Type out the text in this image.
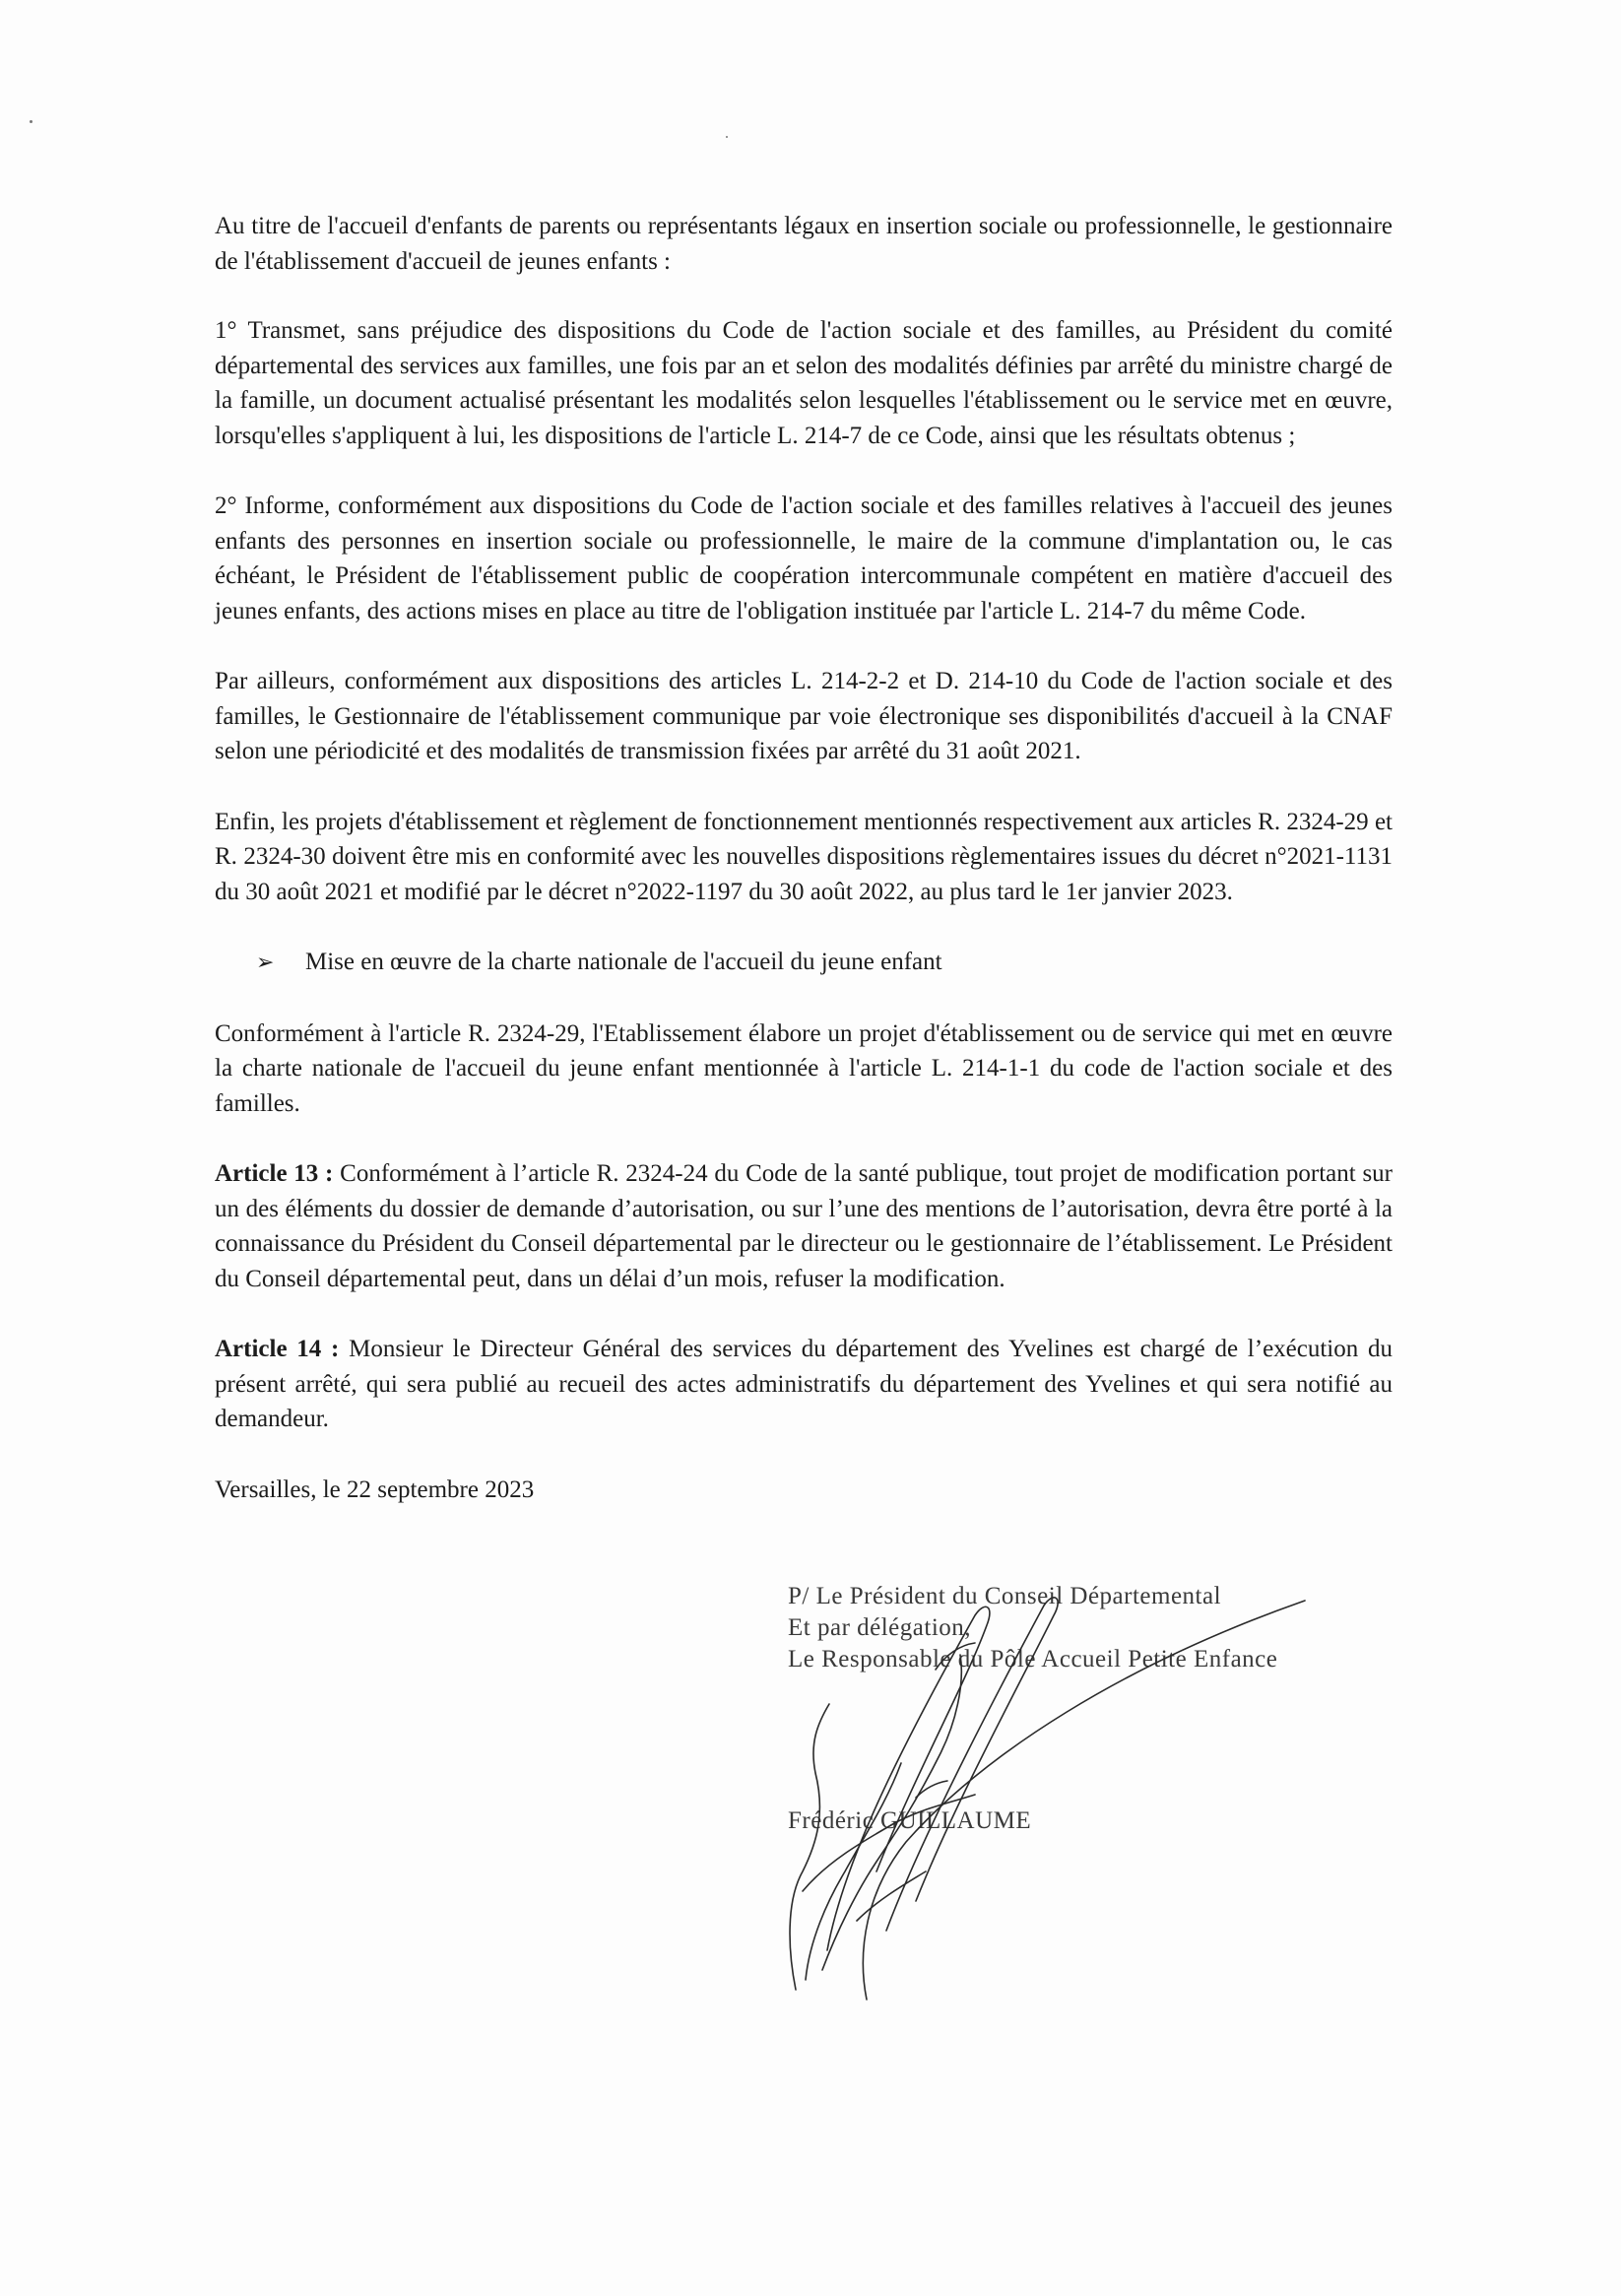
Au titre de l'accueil d'enfants de parents ou représentants légaux en insertion sociale ou professionnelle, le gestionnaire de l'établissement d'accueil de jeunes enfants :

1° Transmet, sans préjudice des dispositions du Code de l'action sociale et des familles, au Président du comité départemental des services aux familles, une fois par an et selon des modalités définies par arrêté du ministre chargé de la famille, un document actualisé présentant les modalités selon lesquelles l'établissement ou le service met en œuvre, lorsqu'elles s'appliquent à lui, les dispositions de l'article L. 214-7 de ce Code, ainsi que les résultats obtenus ;

2° Informe, conformément aux dispositions du Code de l'action sociale et des familles relatives à l'accueil des jeunes enfants des personnes en insertion sociale ou professionnelle, le maire de la commune d'implantation ou, le cas échéant, le Président de l'établissement public de coopération intercommunale compétent en matière d'accueil des jeunes enfants, des actions mises en place au titre de l'obligation instituée par l'article L. 214-7 du même Code.

Par ailleurs, conformément aux dispositions des articles L. 214-2-2 et D. 214-10 du Code de l'action sociale et des familles, le Gestionnaire de l'établissement communique par voie électronique ses disponibilités d'accueil à la CNAF selon une périodicité et des modalités de transmission fixées par arrêté du 31 août 2021.

Enfin, les projets d'établissement et règlement de fonctionnement mentionnés respectivement aux articles R. 2324-29 et R. 2324-30 doivent être mis en conformité avec les nouvelles dispositions règlementaires issues du décret n°2021-1131 du 30 août 2021 et modifié par le décret n°2022-1197 du 30 août 2022, au plus tard le 1er janvier 2023.

➢	Mise en œuvre de la charte nationale de l'accueil du jeune enfant

Conformément à l'article R. 2324-29, l'Etablissement élabore un projet d'établissement ou de service qui met en œuvre la charte nationale de l'accueil du jeune enfant mentionnée à l'article L. 214-1-1 du code de l'action sociale et des familles.

Article 13 : Conformément à l’article R. 2324-24 du Code de la santé publique, tout projet de modification portant sur un des éléments du dossier de demande d’autorisation, ou sur l’une des mentions de l’autorisation, devra être porté à la connaissance du Président du Conseil départemental par le directeur ou le gestionnaire de l’établissement. Le Président du Conseil départemental peut, dans un délai d’un mois, refuser la modification.

Article 14 : Monsieur le Directeur Général des services du département des Yvelines est chargé de l’exécution du présent arrêté, qui sera publié au recueil des actes administratifs du département des Yvelines et qui sera notifié au demandeur.

Versailles, le 22 septembre 2023

P/ Le Président du Conseil Départemental
Et par délégation,
Le Responsable du Pôle Accueil Petite Enfance
Frédéric GUILLAUME
